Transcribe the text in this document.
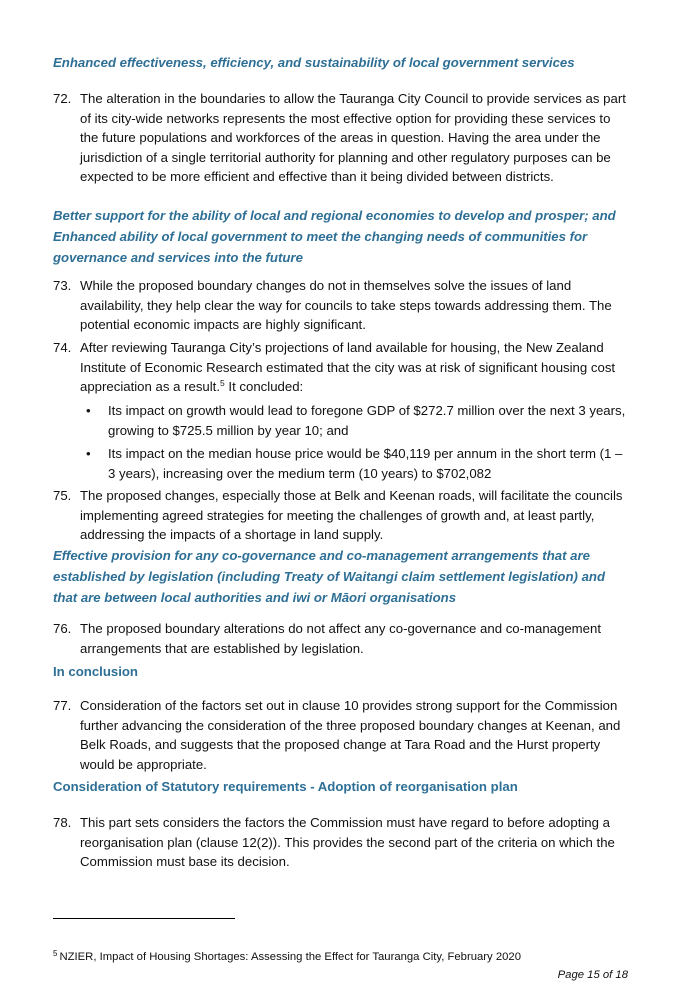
Enhanced effectiveness, efficiency, and sustainability of local government services

72. The alteration in the boundaries to allow the Tauranga City Council to provide services as part of its city-wide networks represents the most effective option for providing these services to the future populations and workforces of the areas in question. Having the area under the jurisdiction of a single territorial authority for planning and other regulatory purposes can be expected to be more efficient and effective than it being divided between districts.

Better support for the ability of local and regional economies to develop and prosper; and Enhanced ability of local government to meet the changing needs of communities for governance and services into the future

73. While the proposed boundary changes do not in themselves solve the issues of land availability, they help clear the way for councils to take steps towards addressing them. The potential economic impacts are highly significant.
74. After reviewing Tauranga City’s projections of land available for housing, the New Zealand Institute of Economic Research estimated that the city was at risk of significant housing cost appreciation as a result.$^5$ It concluded:
• Its impact on growth would lead to foregone GDP of $272.7 million over the next 3 years, growing to $725.5 million by year 10; and
• Its impact on the median house price would be $40,119 per annum in the short term (1 – 3 years), increasing over the medium term (10 years) to $702,082
75. The proposed changes, especially those at Belk and Keenan roads, will facilitate the councils implementing agreed strategies for meeting the challenges of growth and, at least partly, addressing the impacts of a shortage in land supply.

Effective provision for any co-governance and co-management arrangements that are established by legislation (including Treaty of Waitangi claim settlement legislation) and that are between local authorities and iwi or Māori organisations

76. The proposed boundary alterations do not affect any co-governance and co-management arrangements that are established by legislation.

In conclusion

77. Consideration of the factors set out in clause 10 provides strong support for the Commission further advancing the consideration of the three proposed boundary changes at Keenan, and Belk Roads, and suggests that the proposed change at Tara Road and the Hurst property would be appropriate.

Consideration of Statutory requirements - Adoption of reorganisation plan

78. This part sets considers the factors the Commission must have regard to before adopting a reorganisation plan (clause 12(2)). This provides the second part of the criteria on which the Commission must base its decision.
$^5$ NZIER, Impact of Housing Shortages: Assessing the Effect for Tauranga City, February 2020
Page 15 of 18
